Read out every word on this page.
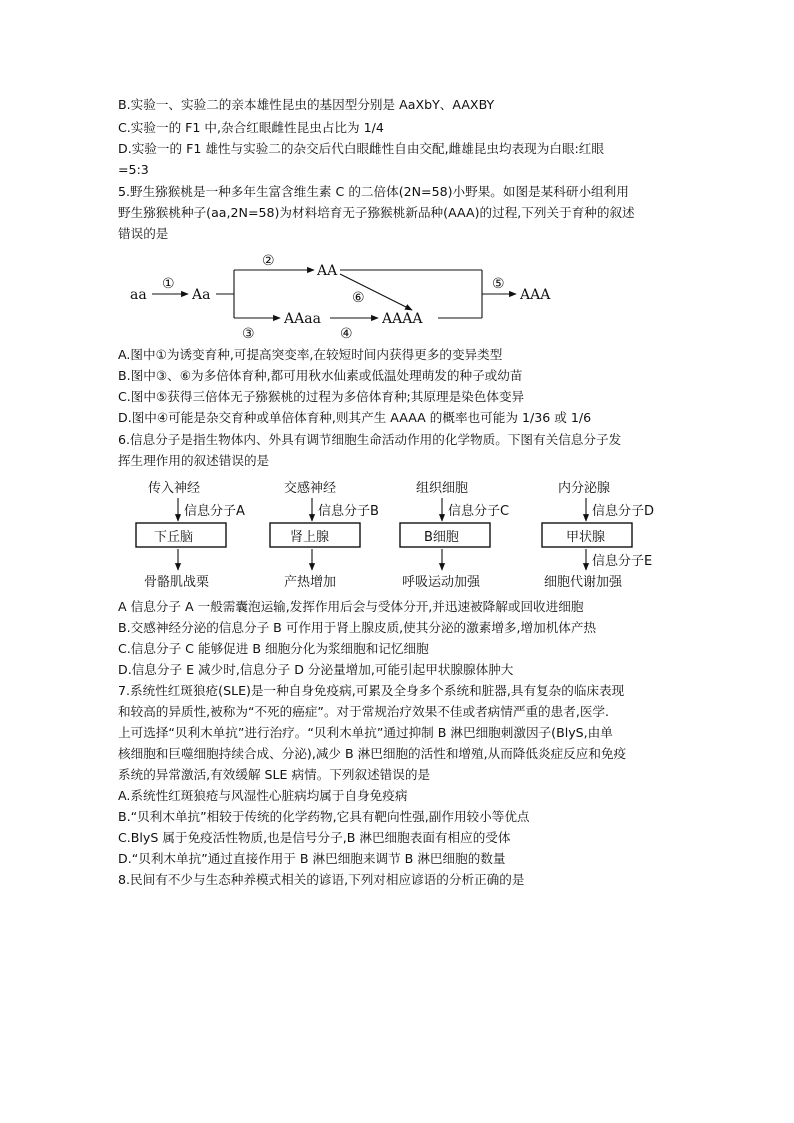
B.实验一、实验二的亲本雄性昆虫的基因型分别是 AaXbY、AAXBY
C.实验一的 F1 中,杂合红眼雌性昆虫占比为 1/4
D.实验一的 F1 雄性与实验二的杂交后代白眼雌性自由交配,雌雄昆虫均表现为白眼:红眼
=5:3
5.野生猕猴桃是一种多年生富含维生素 C 的二倍体(2N=58)小野果。如图是某科研小组利用
野生猕猴桃种子(aa,2N=58)为材料培育无子猕猴桃新品种(AAA)的过程,下列关于育种的叙述
错误的是
aa	Aa
AA
AAaa	AAAA
AAA
①
②
③	④
⑤
⑥
A.图中①为诱变育种,可提高突变率,在较短时间内获得更多的变异类型
B.图中③、⑥为多倍体育种,都可用秋水仙素或低温处理萌发的种子或幼苗
C.图中⑤获得三倍体无子猕猴桃的过程为多倍体育种;其原理是染色体变异
D.图中④可能是杂交育种或单倍体育种,则其产生 AAAA 的概率也可能为 1/36 或 1/6
6.信息分子是指生物体内、外具有调节细胞生命活动作用的化学物质。下图有关信息分子发
挥生理作用的叙述错误的是
传入神经
信息分子A
下丘脑
骨骼肌战栗
交感神经
信息分子B
肾上腺
产热增加
组织细胞
信息分子C
B细胞
呼吸运动加强
内分泌腺
信息分子D
甲状腺
信息分子E
细胞代谢加强
A 信息分子 A 一般需囊泡运输,发挥作用后会与受体分开,并迅速被降解或回收进细胞
B.交感神经分泌的信息分子 B 可作用于肾上腺皮质,使其分泌的激素增多,增加机体产热
C.信息分子 C 能够促进 B 细胞分化为浆细胞和记忆细胞
D.信息分子 E 减少时,信息分子 D 分泌量增加,可能引起甲状腺腺体肿大
7.系统性红斑狼疮(SLE)是一种自身免疫病,可累及全身多个系统和脏器,具有复杂的临床表现
和较高的异质性,被称为“不死的癌症”。对于常规治疗效果不佳或者病情严重的患者,医学.
上可选择“贝利木单抗”进行治疗。“贝利木单抗”通过抑制 B 淋巴细胞刺激因子(BlyS,由单
核细胞和巨噬细胞持续合成、分泌),减少 B 淋巴细胞的活性和增殖,从而降低炎症反应和免疫
系统的异常激活,有效缓解 SLE 病情。下列叙述错误的是
A.系统性红斑狼疮与风湿性心脏病均属于自身免疫病
B.“贝利木单抗”相较于传统的化学药物,它具有靶向性强,副作用较小等优点
C.BlyS 属于免疫活性物质,也是信号分子,B 淋巴细胞表面有相应的受体
D.“贝利木单抗”通过直接作用于 B 淋巴细胞来调节 B 淋巴细胞的数量
8.民间有不少与生态种养模式相关的谚语,下列对相应谚语的分析正确的是
